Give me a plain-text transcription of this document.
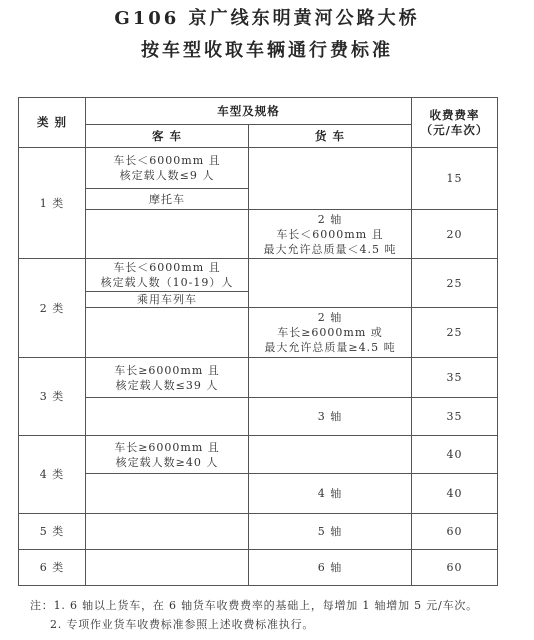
G106 京广线东明黄河公路大桥
按车型收取车辆通行费标准
类 别	车型及规格		收费费率
（元/车次）

	客 车	货 车	
1 类	车长＜6000mm 且
核定载人数≤9 人		15
	摩托车		

		2 轴
车长＜6000mm 且
最大允许总质量＜4.5 吨	20
2 类	车长＜6000mm 且
核定载人数（10-19）人		25
	乘用车列车		

		2 轴
车长≥6000mm 或
最大允许总质量≥4.5 吨	25
3 类	车长≥6000mm 且
核定载人数≤39 人		35
		3 轴	35
4 类	车长≥6000mm 且
核定载人数≥40 人		40
		4 轴	40
5 类		5 轴	60
6 类		6 轴	60
注：1. 6 轴以上货车，在 6 轴货车收费费率的基础上，每增加 1 轴增加 5 元/车次。
2. 专项作业货车收费标准参照上述收费标准执行。
